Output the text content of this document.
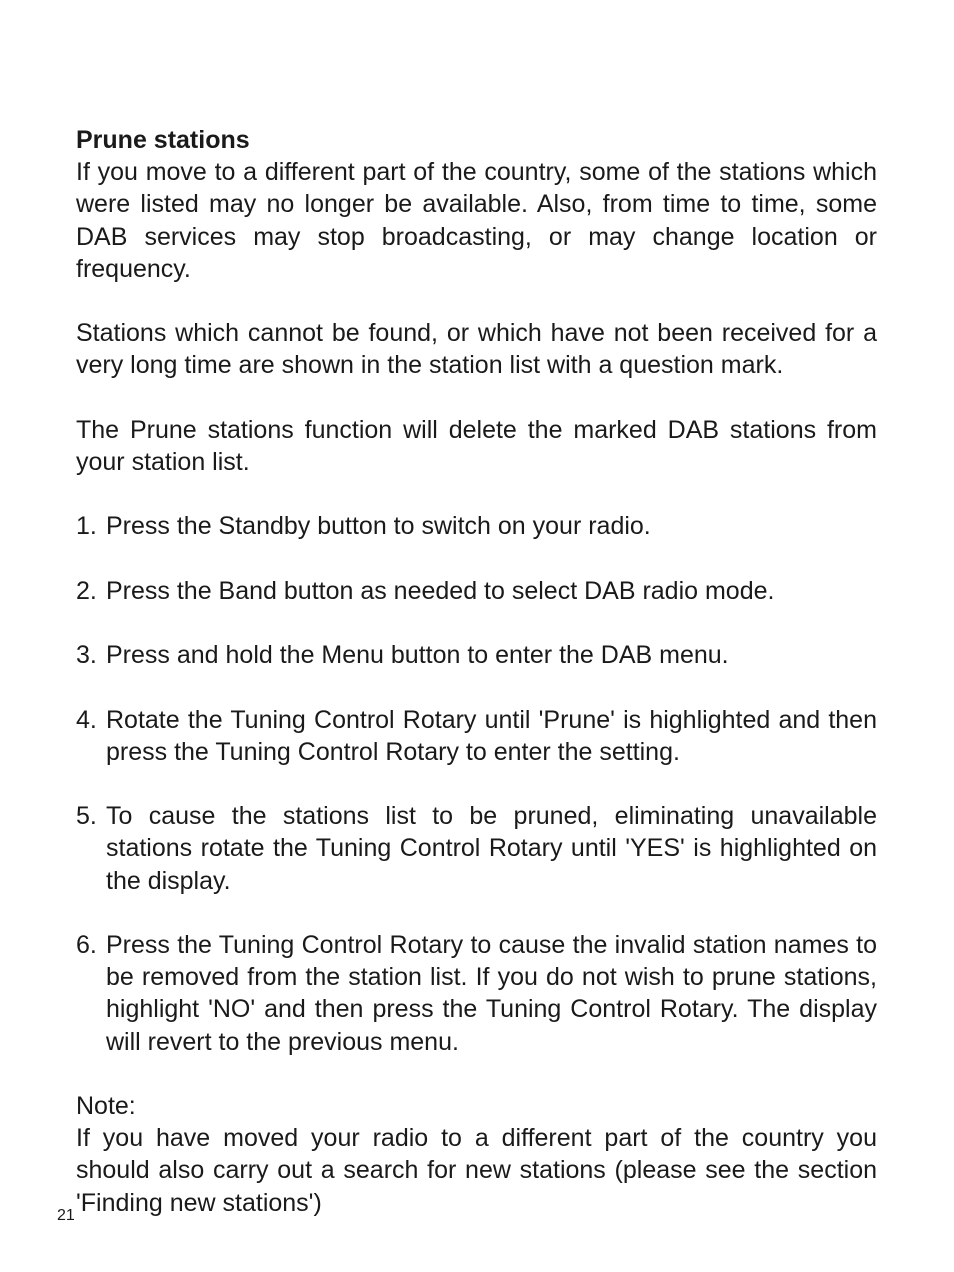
Prune stations

If you move to a different part of the country, some of the stations which were listed may no longer be available. Also, from time to time, some DAB services may stop broadcasting, or may change location or frequency.

Stations which cannot be found, or which have not been received for a very long time are shown in the station list with a question mark.

The Prune stations function will delete the marked DAB stations from your station list.

1. Press the Standby button to switch on your radio.
2. Press the Band button as needed to select DAB radio mode.
3. Press and hold the Menu button to enter the DAB menu.
4. Rotate the Tuning Control Rotary until 'Prune' is highlighted and then press the Tuning Control Rotary to enter the setting.
5. To cause the stations list to be pruned, eliminating unavailable stations rotate the Tuning Control Rotary until 'YES' is highlighted on the display.
6. Press the Tuning Control Rotary to cause the invalid station names to be removed from the station list. If you do not wish to prune stations, highlight 'NO' and then press the Tuning Control Rotary. The display will revert to the previous menu.

Note:

If you have moved your radio to a different part of the country you should also carry out a search for new stations (please see the section 'Finding new stations')

21
